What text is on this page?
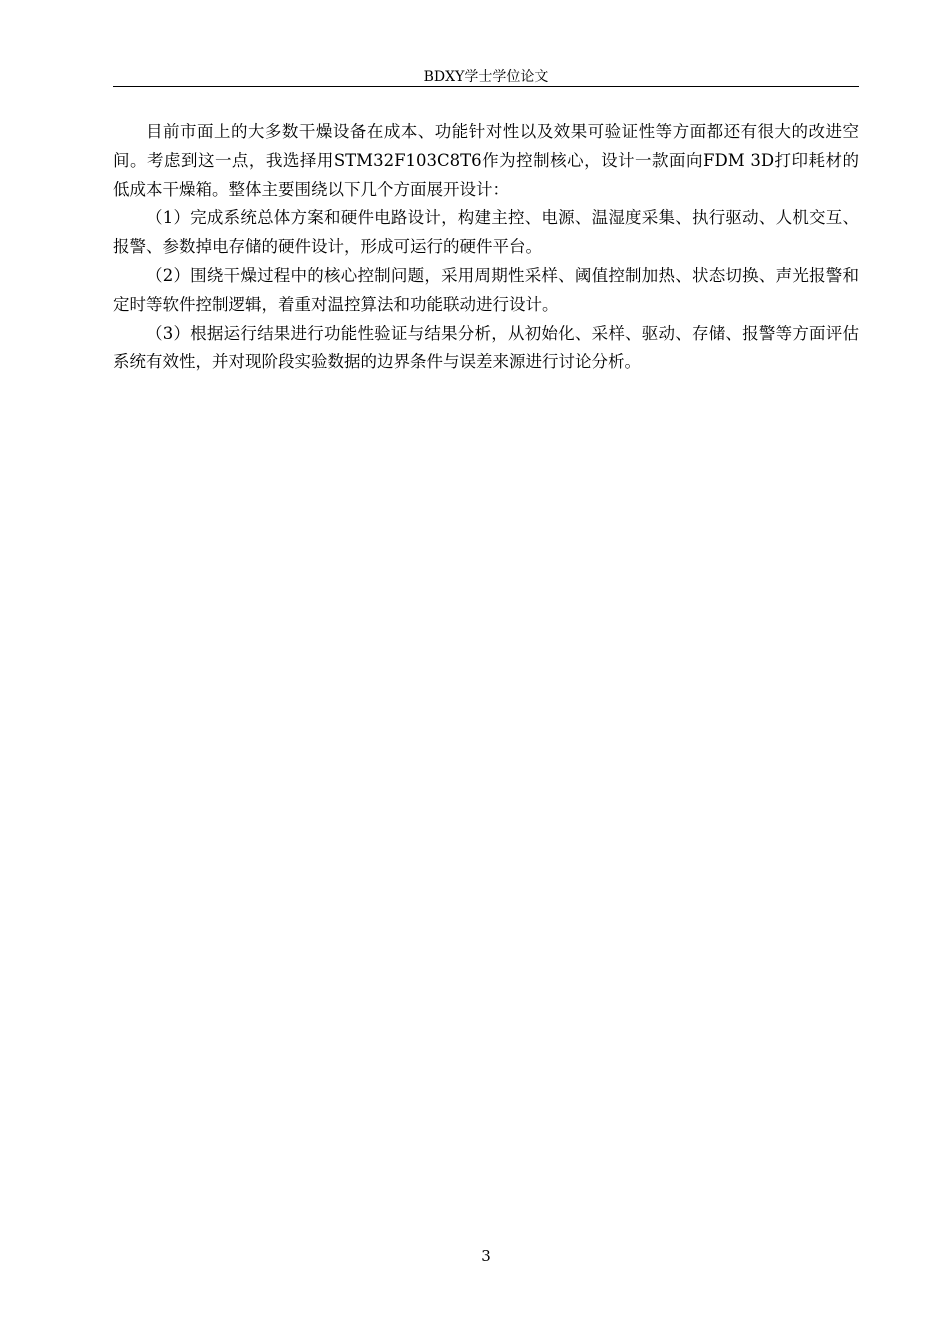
BDXY学士学位论文

目前市面上的大多数干燥设备在成本、功能针对性以及效果可验证性等方面都还有很大的改进空间。考虑到这一点，我选择用STM32F103C8T6作为控制核心，设计一款面向FDM 3D打印耗材的低成本干燥箱。整体主要围绕以下几个方面展开设计：

（1）完成系统总体方案和硬件电路设计，构建主控、电源、温湿度采集、执行驱动、人机交互、报警、参数掉电存储的硬件设计，形成可运行的硬件平台。

（2）围绕干燥过程中的核心控制问题，采用周期性采样、阈值控制加热、状态切换、声光报警和定时等软件控制逻辑，着重对温控算法和功能联动进行设计。

（3）根据运行结果进行功能性验证与结果分析，从初始化、采样、驱动、存储、报警等方面评估系统有效性，并对现阶段实验数据的边界条件与误差来源进行讨论分析。

3
